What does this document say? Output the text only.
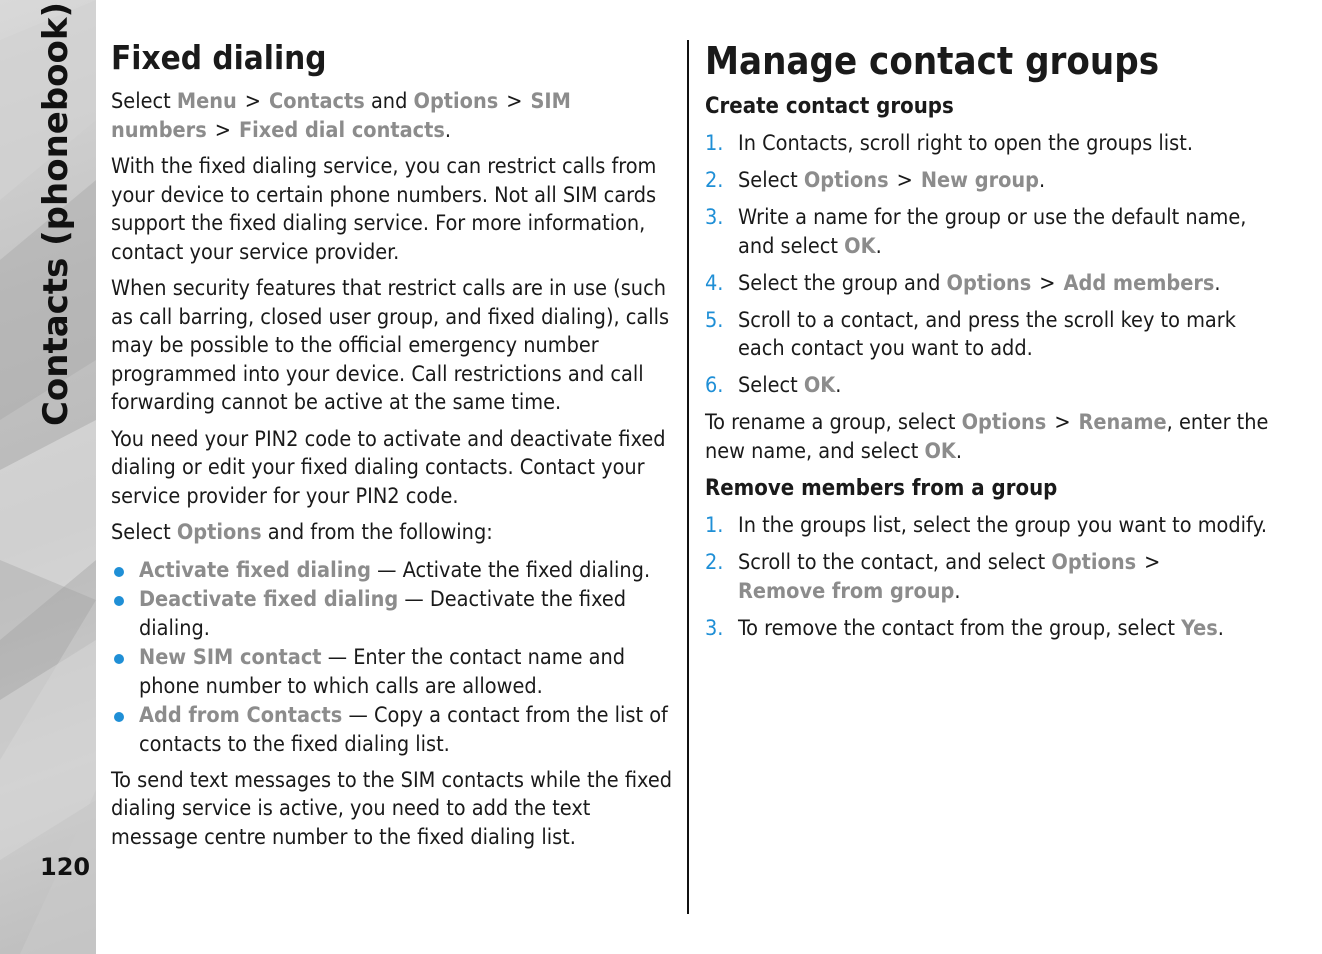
Contacts (phonebook)
120
Fixed dialing

Select Menu > Contacts and Options > SIM numbers > Fixed dial contacts.

With the fixed dialing service, you can restrict calls from your device to certain phone numbers. Not all SIM cards support the fixed dialing service. For more information, contact your service provider.

When security features that restrict calls are in use (such as call barring, closed user group, and fixed dialing), calls may be possible to the official emergency number programmed into your device. Call restrictions and call forwarding cannot be active at the same time.

You need your PIN2 code to activate and deactivate fixed dialing or edit your fixed dialing contacts. Contact your service provider for your PIN2 code.

Select Options and from the following:

Activate fixed dialing — Activate the fixed dialing.
Deactivate fixed dialing — Deactivate the fixed dialing.
New SIM contact — Enter the contact name and phone number to which calls are allowed.
Add from Contacts — Copy a contact from the list of contacts to the fixed dialing list.

To send text messages to the SIM contacts while the fixed dialing service is active, you need to add the text message centre number to the fixed dialing list.

Manage contact groups
Create contact groups
1. In Contacts, scroll right to open the groups list.
2. Select Options > New group.
3. Write a name for the group or use the default name, and select OK.
4. Select the group and Options > Add members.
5. Scroll to a contact, and press the scroll key to mark each contact you want to add.
6. Select OK.

To rename a group, select Options > Rename, enter the new name, and select OK.

Remove members from a group
1. In the groups list, select the group you want to modify.
2. Scroll to the contact, and select Options >
Remove from group.
3. To remove the contact from the group, select Yes.
